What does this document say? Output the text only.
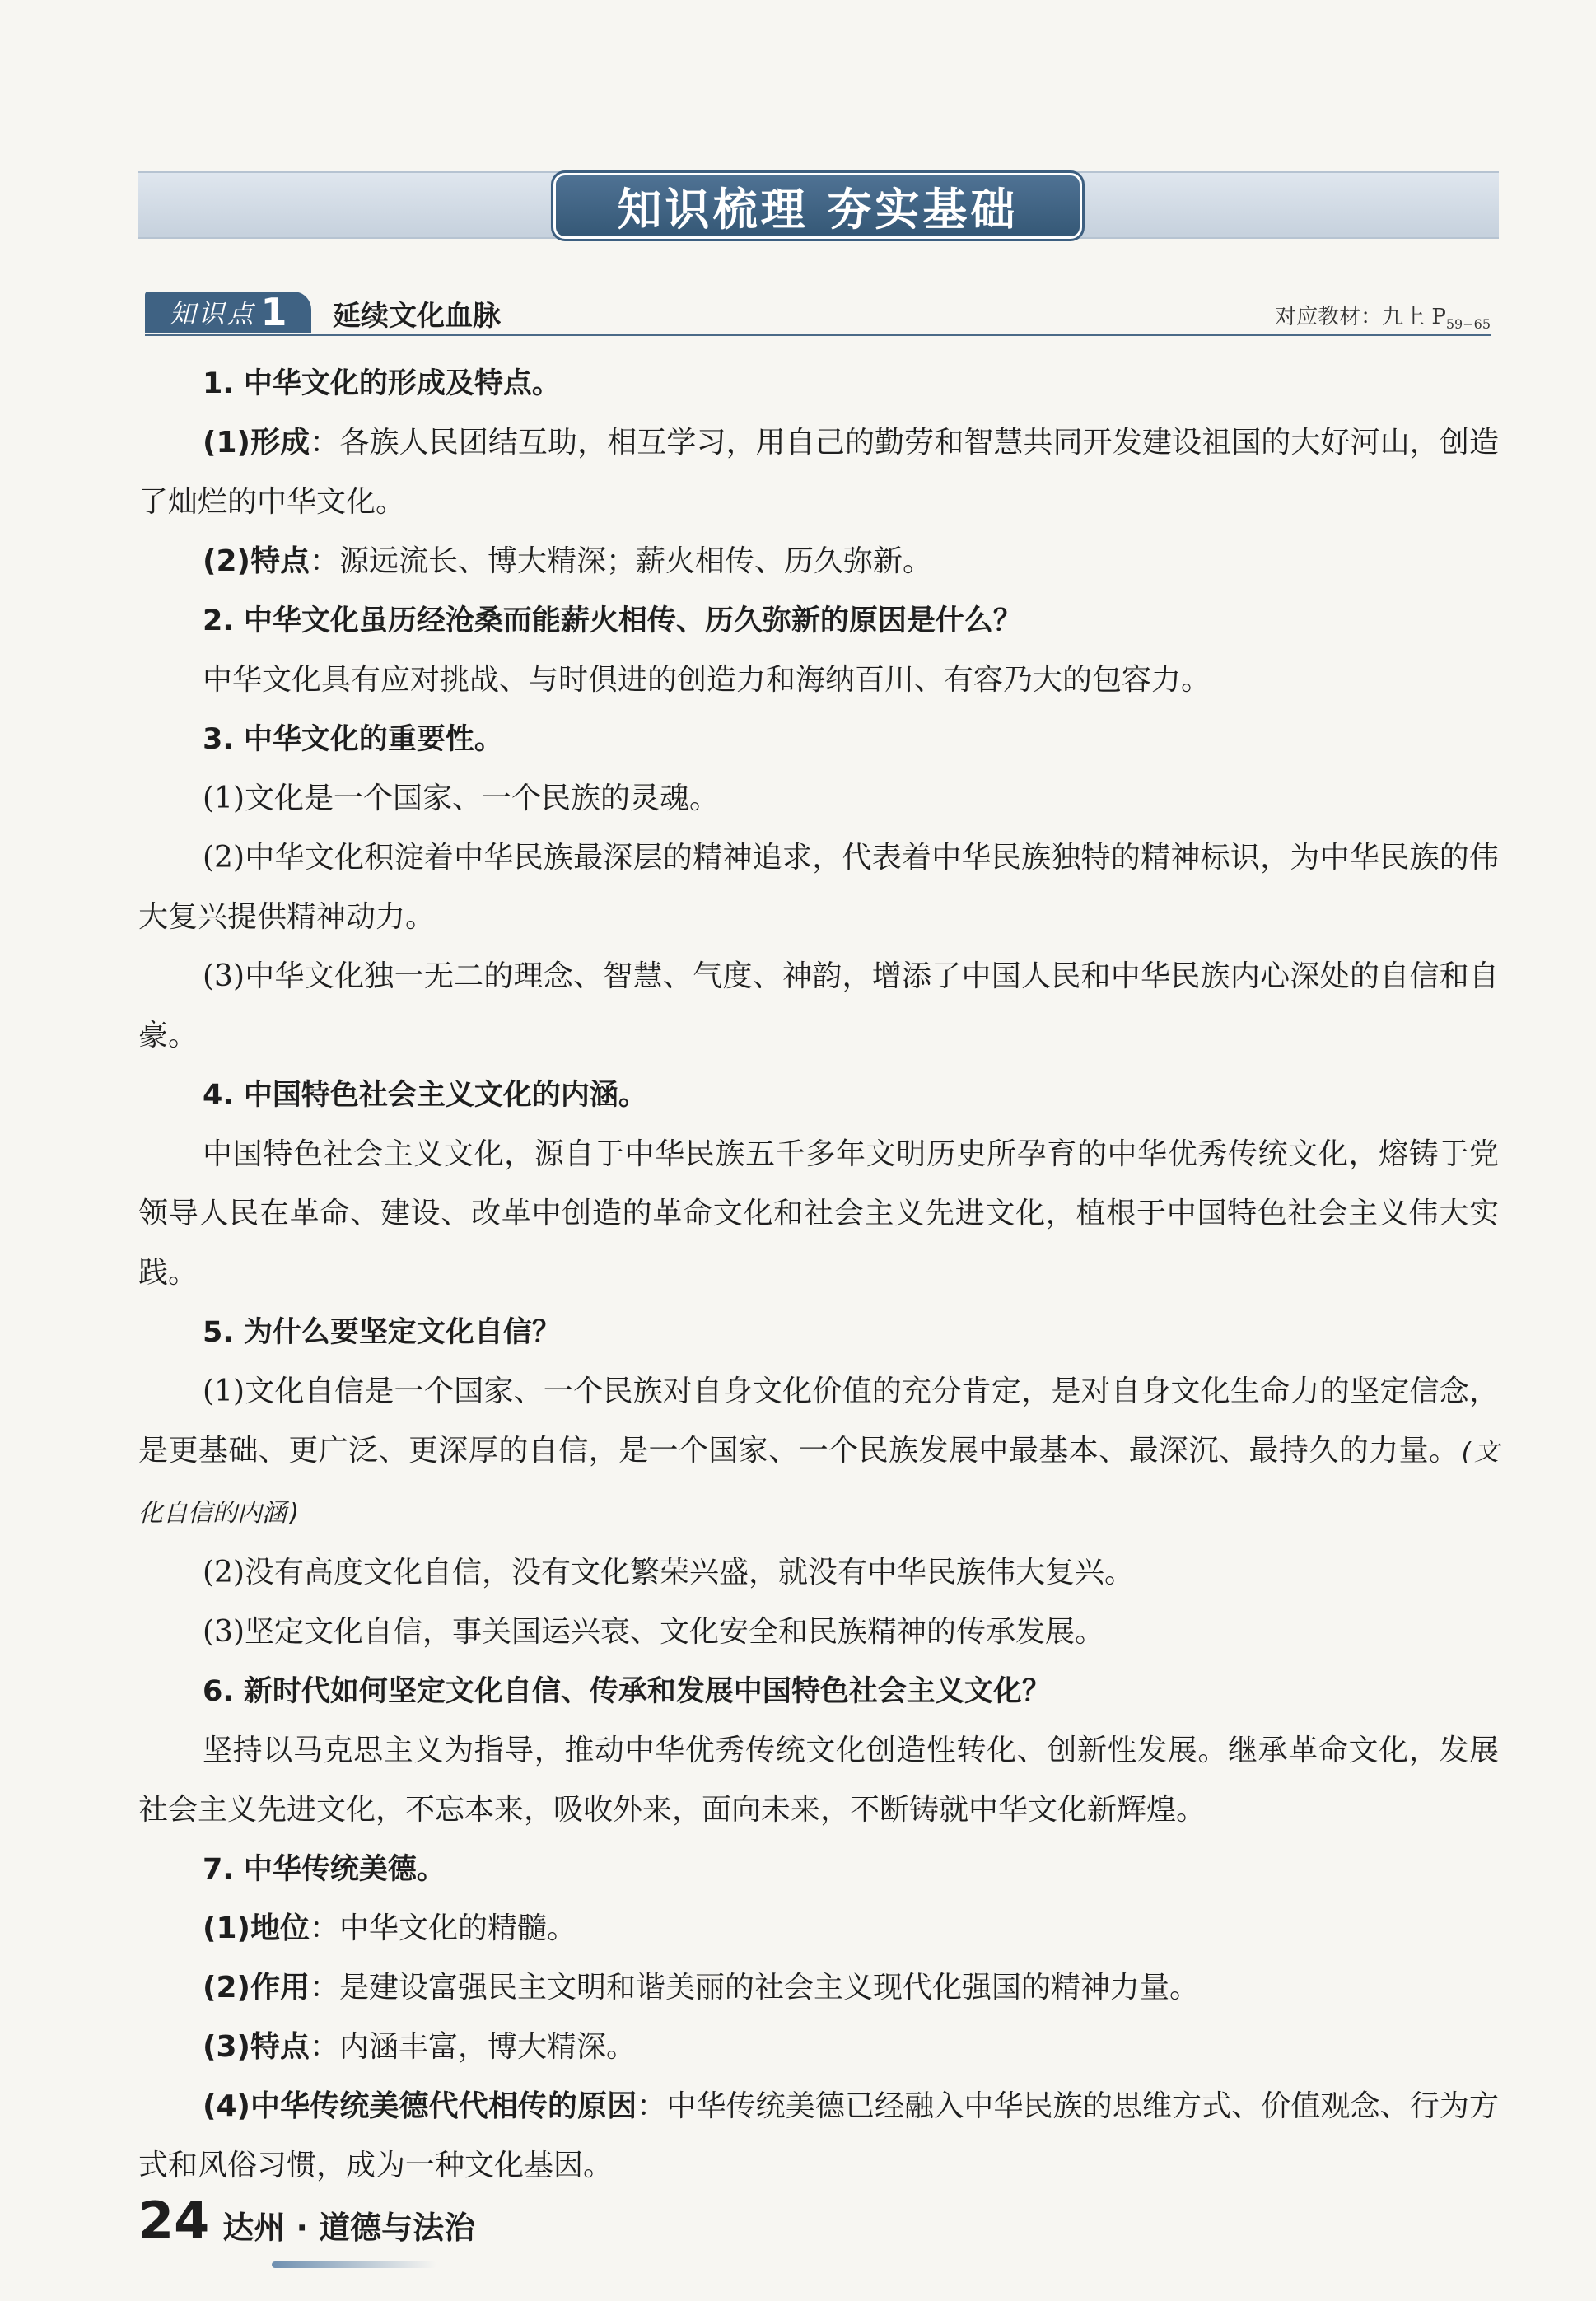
知识梳理 夯实基础
知识点 1 延续文化血脉	对应教材：九上 $P_{59-65}$

1. 中华文化的形成及特点。

(1)形成：各族人民团结互助，相互学习，用自己的勤劳和智慧共同开发建设祖国的大好河山，创造了灿烂的中华文化。

(2)特点：源远流长、博大精深；薪火相传、历久弥新。

2. 中华文化虽历经沧桑而能薪火相传、历久弥新的原因是什么？

中华文化具有应对挑战、与时俱进的创造力和海纳百川、有容乃大的包容力。

3. 中华文化的重要性。

(1)文化是一个国家、一个民族的灵魂。

(2)中华文化积淀着中华民族最深层的精神追求，代表着中华民族独特的精神标识，为中华民族的伟大复兴提供精神动力。

(3)中华文化独一无二的理念、智慧、气度、神韵，增添了中国人民和中华民族内心深处的自信和自豪。

4. 中国特色社会主义文化的内涵。

中国特色社会主义文化，源自于中华民族五千多年文明历史所孕育的中华优秀传统文化，熔铸于党领导人民在革命、建设、改革中创造的革命文化和社会主义先进文化，植根于中国特色社会主义伟大实践。

5. 为什么要坚定文化自信？

(1)文化自信是一个国家、一个民族对自身文化价值的充分肯定，是对自身文化生命力的坚定信念，是更基础、更广泛、更深厚的自信，是一个国家、一个民族发展中最基本、最深沉、最持久的力量。(文化自信的内涵)

(2)没有高度文化自信，没有文化繁荣兴盛，就没有中华民族伟大复兴。

(3)坚定文化自信，事关国运兴衰、文化安全和民族精神的传承发展。

6. 新时代如何坚定文化自信、传承和发展中国特色社会主义文化？

坚持以马克思主义为指导，推动中华优秀传统文化创造性转化、创新性发展。继承革命文化，发展社会主义先进文化，不忘本来，吸收外来，面向未来，不断铸就中华文化新辉煌。

7. 中华传统美德。

(1)地位：中华文化的精髓。

(2)作用：是建设富强民主文明和谐美丽的社会主义现代化强国的精神力量。

(3)特点：内涵丰富，博大精深。

(4)中华传统美德代代相传的原因：中华传统美德已经融入中华民族的思维方式、价值观念、行为方式和风俗习惯，成为一种文化基因。

24 达州 · 道德与法治
